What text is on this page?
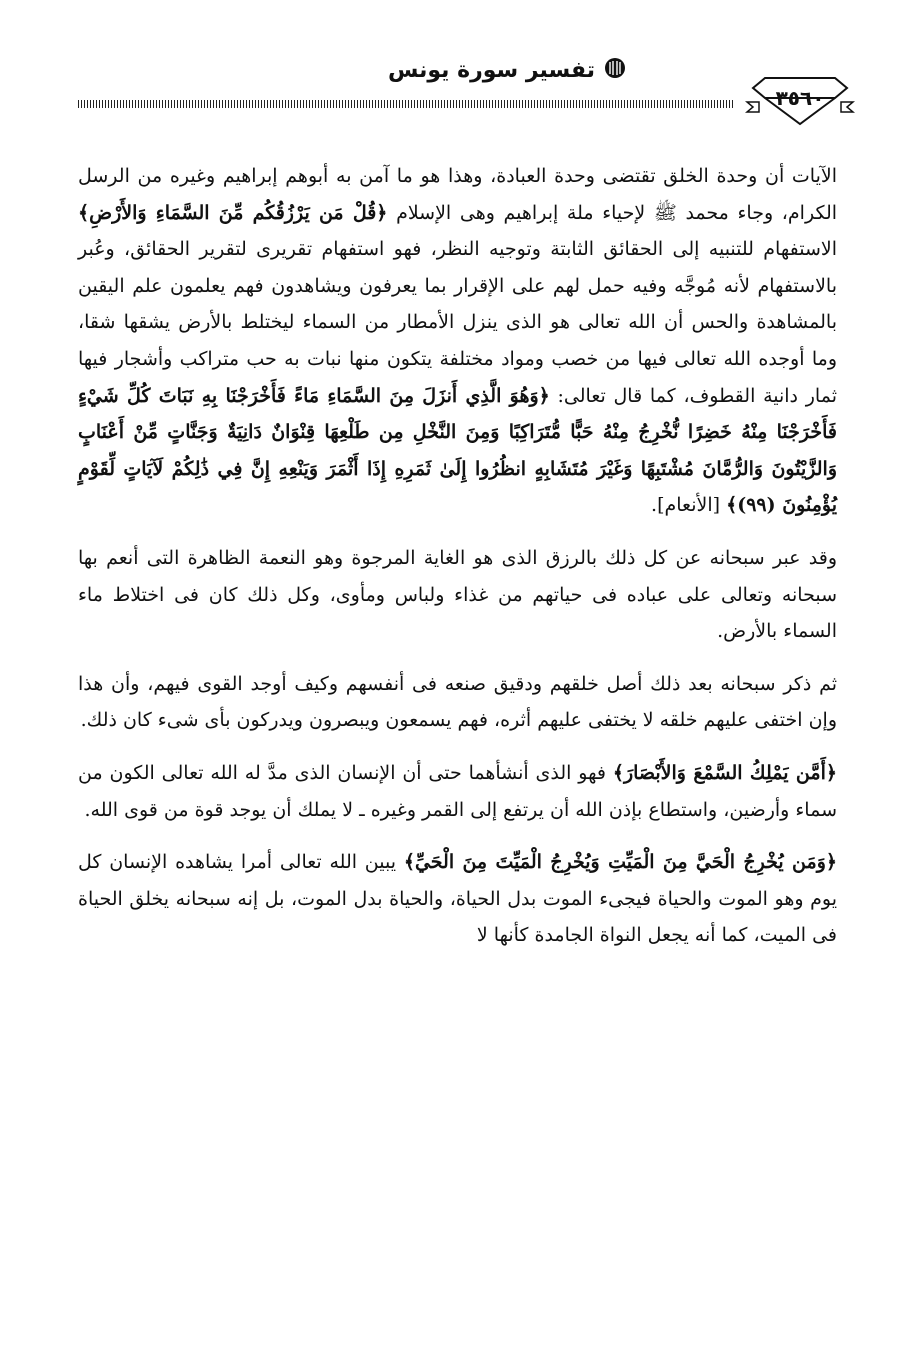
تفسير سورة يونس
٣٥٦٠

الآيات أن وحدة الخلق تقتضى وحدة العبادة، وهذا هو ما آمن به أبوهم إبراهيم وغيره من الرسل الكرام، وجاء محمد ﷺ لإحياء ملة إبراهيم وهى الإسلام ﴿قُلْ مَن يَرْزُقُكُم مِّنَ السَّمَاءِ وَالأَرْضِ﴾ الاستفهام للتنبيه إلى الحقائق الثابتة وتوجيه النظر، فهو استفهام تقريرى لتقرير الحقائق، وعُبر بالاستفهام لأنه مُوجَّه وفيه حمل لهم على الإقرار بما يعرفون ويشاهدون فهم يعلمون علم اليقين بالمشاهدة والحس أن الله تعالى هو الذى ينزل الأمطار من السماء ليختلط بالأرض يشقها شقا، وما أوجده الله تعالى فيها من خصب ومواد مختلفة يتكون منها نبات به حب متراكب وأشجار فيها ثمار دانية القطوف، كما قال تعالى: ﴿وَهُوَ الَّذِي أَنزَلَ مِنَ السَّمَاءِ مَاءً فَأَخْرَجْنَا بِهِ نَبَاتَ كُلِّ شَيْءٍ فَأَخْرَجْنَا مِنْهُ خَضِرًا نُّخْرِجُ مِنْهُ حَبًّا مُّتَرَاكِبًا وَمِنَ النَّخْلِ مِن طَلْعِهَا قِنْوَانٌ دَانِيَةٌ وَجَنَّاتٍ مِّنْ أَعْنَابٍ وَالزَّيْتُونَ وَالرُّمَّانَ مُشْتَبِهًا وَغَيْرَ مُتَشَابِهٍ انظُرُوا إِلَىٰ ثَمَرِهِ إِذَا أَثْمَرَ وَيَنْعِهِ إِنَّ فِي ذَٰلِكُمْ لَآيَاتٍ لِّقَوْمٍ يُؤْمِنُونَ (٩٩)﴾ [الأنعام].

وقد عبر سبحانه عن كل ذلك بالرزق الذى هو الغاية المرجوة وهو النعمة الظاهرة التى أنعم بها سبحانه وتعالى على عباده فى حياتهم من غذاء ولباس ومأوى، وكل ذلك كان فى اختلاط ماء السماء بالأرض.

ثم ذكر سبحانه بعد ذلك أصل خلقهم ودقيق صنعه فى أنفسهم وكيف أوجد القوى فيهم، وأن هذا وإن اختفى عليهم خلقه لا يختفى عليهم أثره، فهم يسمعون ويبصرون ويدركون بأى شىء كان ذلك.

﴿أَمَّن يَمْلِكُ السَّمْعَ وَالأَبْصَارَ﴾ فهو الذى أنشأهما حتى أن الإنسان الذى مدَّ له الله تعالى الكون من سماء وأرضين، واستطاع بإذن الله أن يرتفع إلى القمر وغيره ـ لا يملك أن يوجد قوة من قوى الله.

﴿وَمَن يُخْرِجُ الْحَيَّ مِنَ الْمَيِّتِ وَيُخْرِجُ الْمَيِّتَ مِنَ الْحَيِّ﴾ يبين الله تعالى أمرا يشاهده الإنسان كل يوم وهو الموت والحياة فيجىء الموت بدل الحياة، والحياة بدل الموت، بل إنه سبحانه يخلق الحياة فى الميت، كما أنه يجعل النواة الجامدة كأنها لا
